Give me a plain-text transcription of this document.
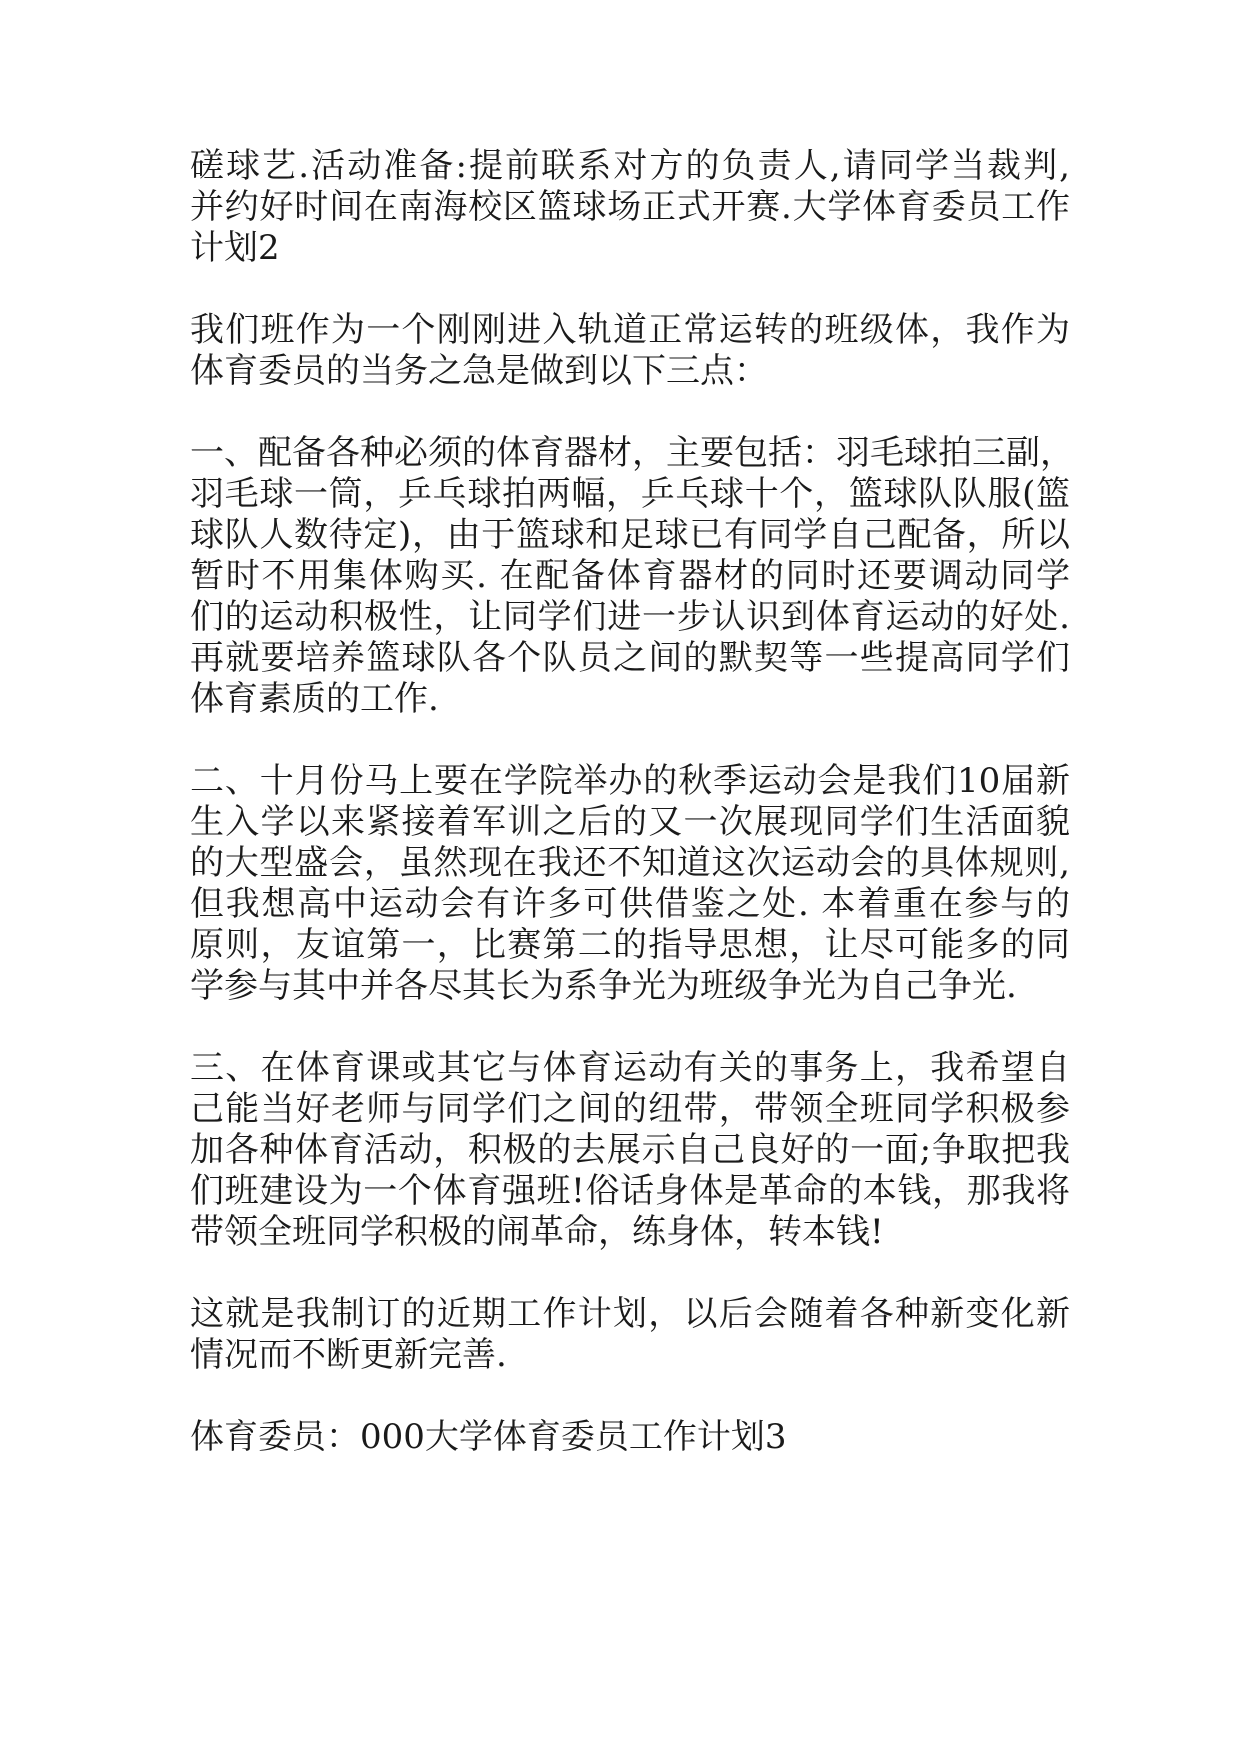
磋球艺.活动准备:提前联系对方的负责人,请同学当裁判,
并约好时间在南海校区篮球场正式开赛.大学体育委员工作
计划2

我们班作为一个刚刚进入轨道正常运转的班级体，我作为
体育委员的当务之急是做到以下三点：

一、配备各种必须的体育器材，主要包括：羽毛球拍三副，
羽毛球一筒，乒乓球拍两幅，乒乓球十个，篮球队队服(篮
球队人数待定)，由于篮球和足球已有同学自己配备，所以
暂时不用集体购买. 在配备体育器材的同时还要调动同学
们的运动积极性，让同学们进一步认识到体育运动的好处.
再就要培养篮球队各个队员之间的默契等一些提高同学们
体育素质的工作.

二、十月份马上要在学院举办的秋季运动会是我们10届新
生入学以来紧接着军训之后的又一次展现同学们生活面貌
的大型盛会，虽然现在我还不知道这次运动会的具体规则,
但我想高中运动会有许多可供借鉴之处. 本着重在参与的
原则，友谊第一，比赛第二的指导思想，让尽可能多的同
学参与其中并各尽其长为系争光为班级争光为自己争光.

三、在体育课或其它与体育运动有关的事务上，我希望自
己能当好老师与同学们之间的纽带，带领全班同学积极参
加各种体育活动，积极的去展示自己良好的一面;争取把我
们班建设为一个体育强班!俗话身体是革命的本钱，那我将
带领全班同学积极的闹革命，练身体，转本钱!

这就是我制订的近期工作计划，以后会随着各种新变化新
情况而不断更新完善.

体育委员：000大学体育委员工作计划3
